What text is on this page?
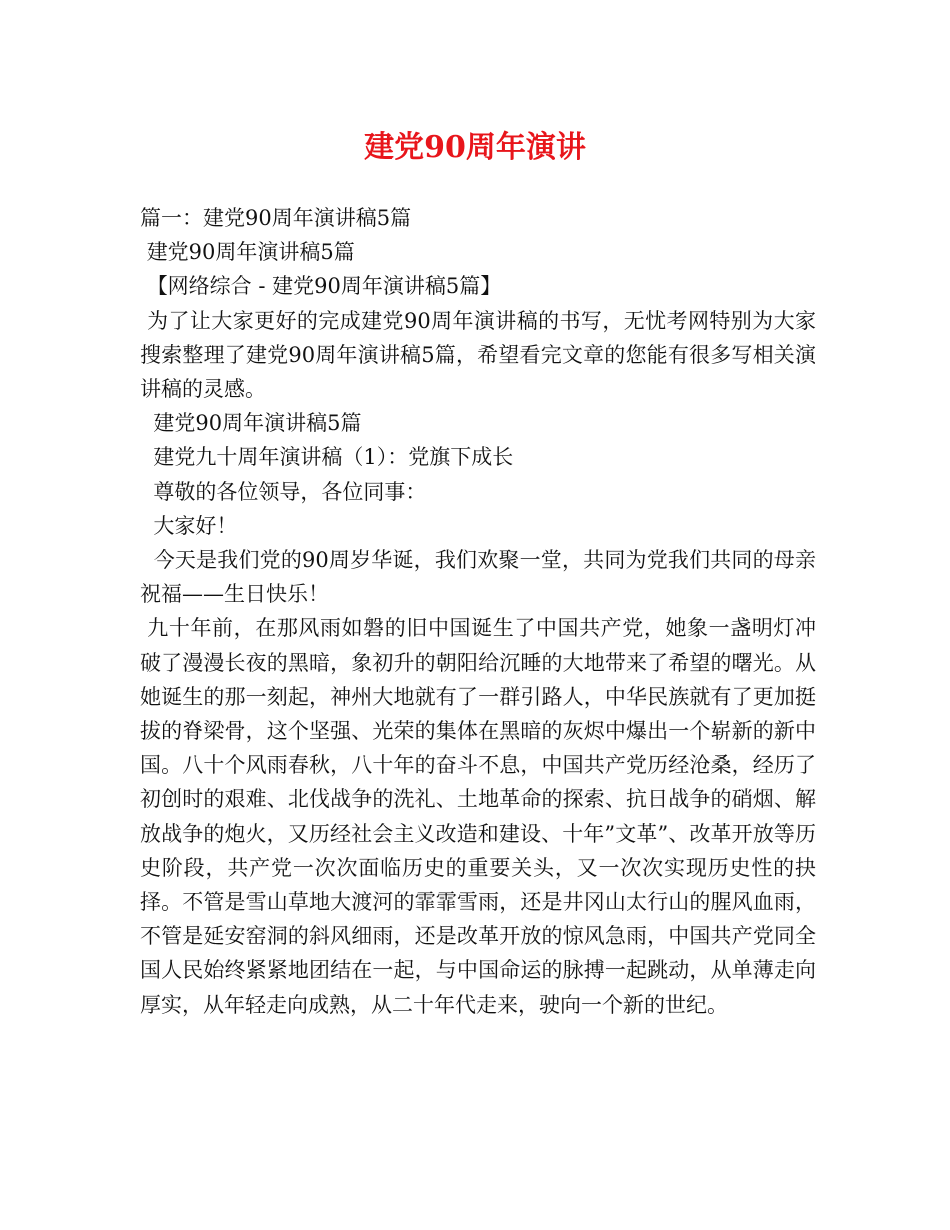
建党90周年演讲
篇一：建党90周年演讲稿5篇
建党90周年演讲稿5篇
【网络综合 - 建党90周年演讲稿5篇】
为了让大家更好的完成建党90周年演讲稿的书写，无忧考网特别为大家搜索整理了建党90周年演讲稿5篇，希望看完文章的您能有很多写相关演讲稿的灵感。
建党90周年演讲稿5篇
建党九十周年演讲稿（1）：党旗下成长
尊敬的各位领导，各位同事：
大家好！
今天是我们党的90周岁华诞，我们欢聚一堂，共同为党我们共同的母亲祝福——生日快乐！
九十年前，在那风雨如磐的旧中国诞生了中国共产党，她象一盏明灯冲破了漫漫长夜的黑暗，象初升的朝阳给沉睡的大地带来了希望的曙光。从她诞生的那一刻起，神州大地就有了一群引路人，中华民族就有了更加挺拔的脊梁骨，这个坚强、光荣的集体在黑暗的灰烬中爆出一个崭新的新中国。八十个风雨春秋，八十年的奋斗不息，中国共产党历经沧桑，经历了初创时的艰难、北伐战争的洗礼、土地革命的探索、抗日战争的硝烟、解放战争的炮火，又历经社会主义改造和建设、十年”文革”、改革开放等历史阶段，共产党一次次面临历史的重要关头，又一次次实现历史性的抉择。不管是雪山草地大渡河的霏霏雪雨，还是井冈山太行山的腥风血雨，不管是延安窑洞的斜风细雨，还是改革开放的惊风急雨，中国共产党同全国人民始终紧紧地团结在一起，与中国命运的脉搏一起跳动，从单薄走向厚实，从年轻走向成熟，从二十年代走来，驶向一个新的世纪。
